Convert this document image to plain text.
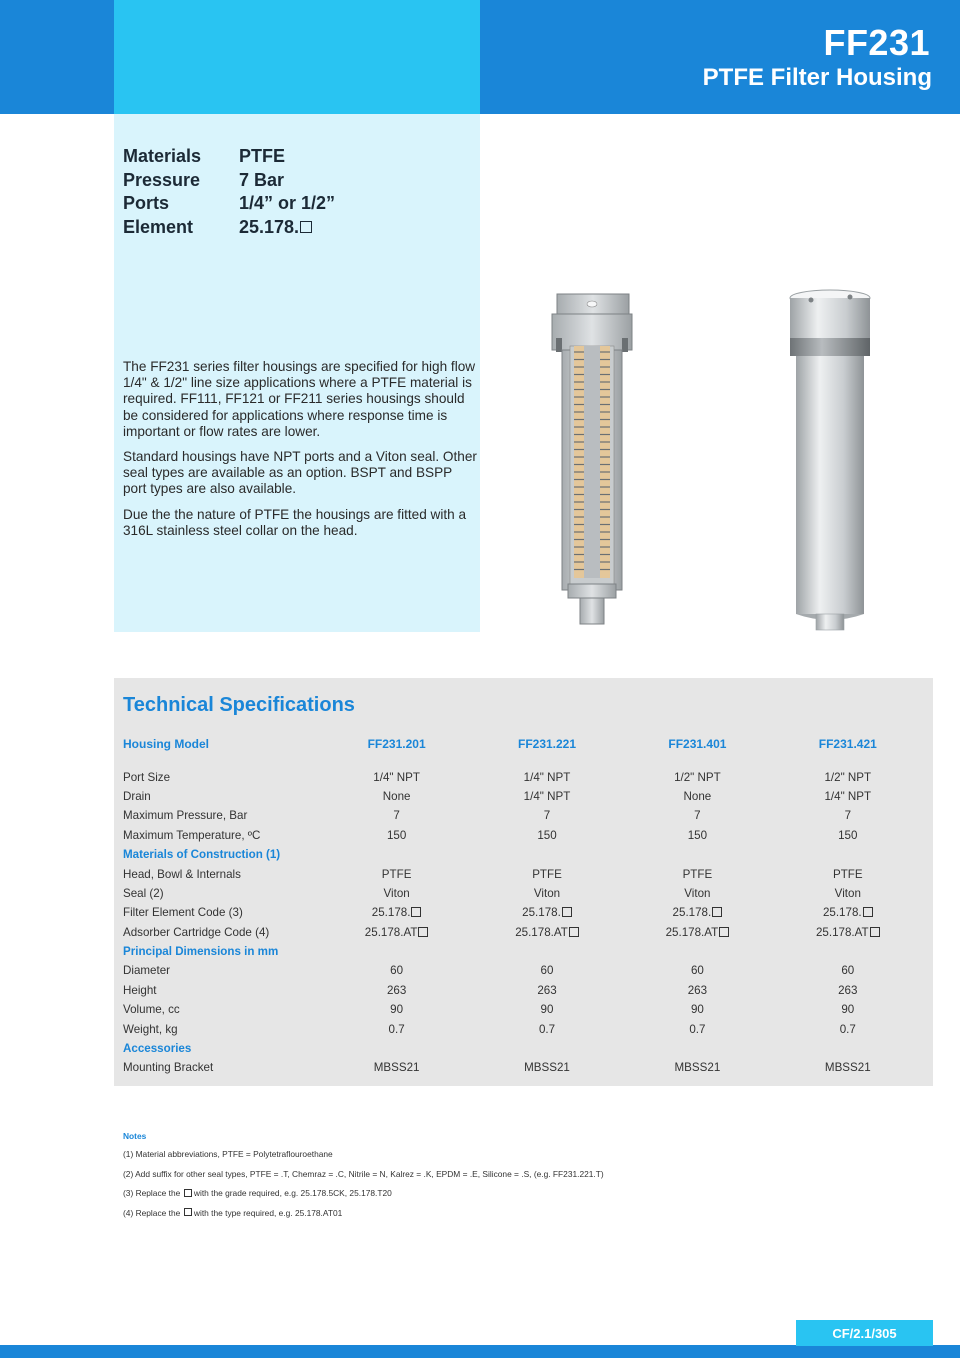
FF231
PTFE Filter Housing
Materials	PTFE
Pressure	7 Bar
Ports	1/4” or 1/2”
Element	25.178.

The FF231 series filter housings are specified for high flow 1/4" & 1/2" line size applications where a PTFE material is required. FF111, FF121 or FF211 series housings should be considered for applications where response time is important or flow rates are lower.

Standard housings have NPT ports and a Viton seal. Other seal types are available as an option. BSPT and BSPP port types are also available.

Due the the nature of PTFE the housings are fitted with a 316L stainless steel collar on the head.

Technical Specifications
Housing Model	FF231.201	FF231.221	FF231.401	FF231.421
Port Size	1/4" NPT	1/4" NPT	1/2" NPT	1/2" NPT
Drain	None	1/4" NPT	None	1/4" NPT
Maximum Pressure, Bar	7	7	7	7
Maximum Temperature, ºC	150	150	150	150
Materials of Construction (1)
Head, Bowl & Internals	PTFE	PTFE	PTFE	PTFE
Seal (2)	Viton	Viton	Viton	Viton
Filter Element Code (3)	25.178.	25.178.	25.178.	25.178.
Adsorber Cartridge Code (4)	25.178.AT	25.178.AT	25.178.AT	25.178.AT
Principal Dimensions in mm
Diameter	60	60	60	60
Height	263	263	263	263
Volume, cc	90	90	90	90
Weight, kg	0.7	0.7	0.7	0.7
Accessories
Mounting Bracket	MBSS21	MBSS21	MBSS21	MBSS21
Notes
(1) Material abbreviations, PTFE = Polytetraflouroethane
(2) Add suffix for other seal types, PTFE = .T, Chemraz = .C, Nitrile = N, Kalrez = .K, EPDM = .E, Silicone = .S, (e.g. FF231.221.T)
(3) Replace the with the grade required, e.g. 25.178.5CK, 25.178.T20
(4) Replace the with the type required, e.g. 25.178.AT01
CF/2.1/305
